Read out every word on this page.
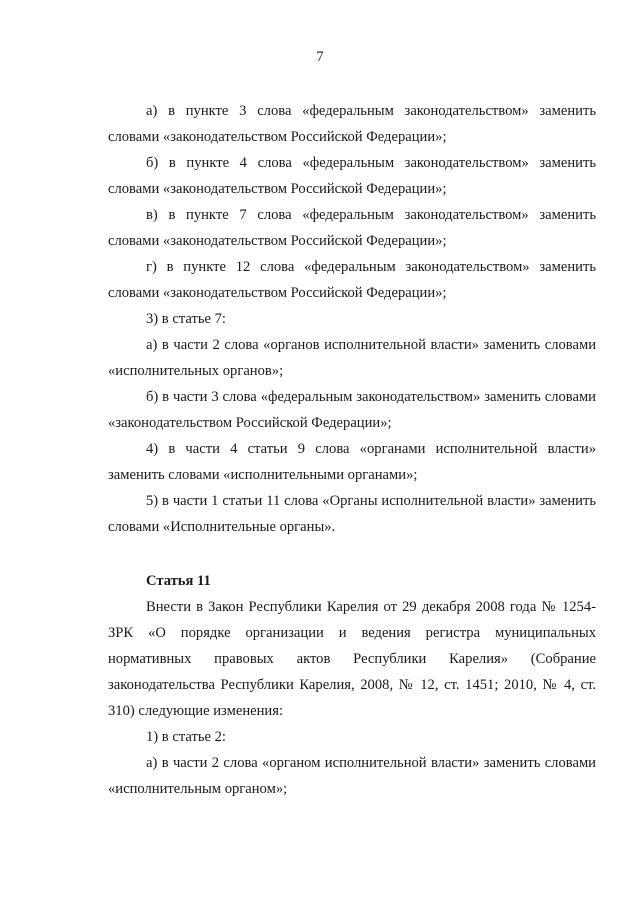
7

а) в пункте 3 слова «федеральным законодательством» заменить словами «законодательством Российской Федерации»;

б) в пункте 4 слова «федеральным законодательством» заменить словами «законодательством Российской Федерации»;

в) в пункте 7 слова «федеральным законодательством» заменить словами «законодательством Российской Федерации»;

г) в пункте 12 слова «федеральным законодательством» заменить словами «законодательством Российской Федерации»;

3) в статье 7:

а) в части 2 слова «органов исполнительной власти» заменить словами «исполнительных органов»;

б) в части 3 слова «федеральным законодательством» заменить словами «законодательством Российской Федерации»;

4) в части 4 статьи 9 слова «органами исполнительной власти» заменить словами «исполнительными органами»;

5) в части 1 статьи 11 слова «Органы исполнительной власти» заменить словами «Исполнительные органы».

Статья 11

Внести в Закон Республики Карелия от 29 декабря 2008 года № 1254-ЗРК «О порядке организации и ведения регистра муниципальных нормативных правовых актов Республики Карелия» (Собрание законодательства Республики Карелия, 2008, № 12, ст. 1451; 2010, № 4, ст. 310) следующие изменения:

1) в статье 2:

а) в части 2 слова «органом исполнительной власти» заменить словами «исполнительным органом»;
